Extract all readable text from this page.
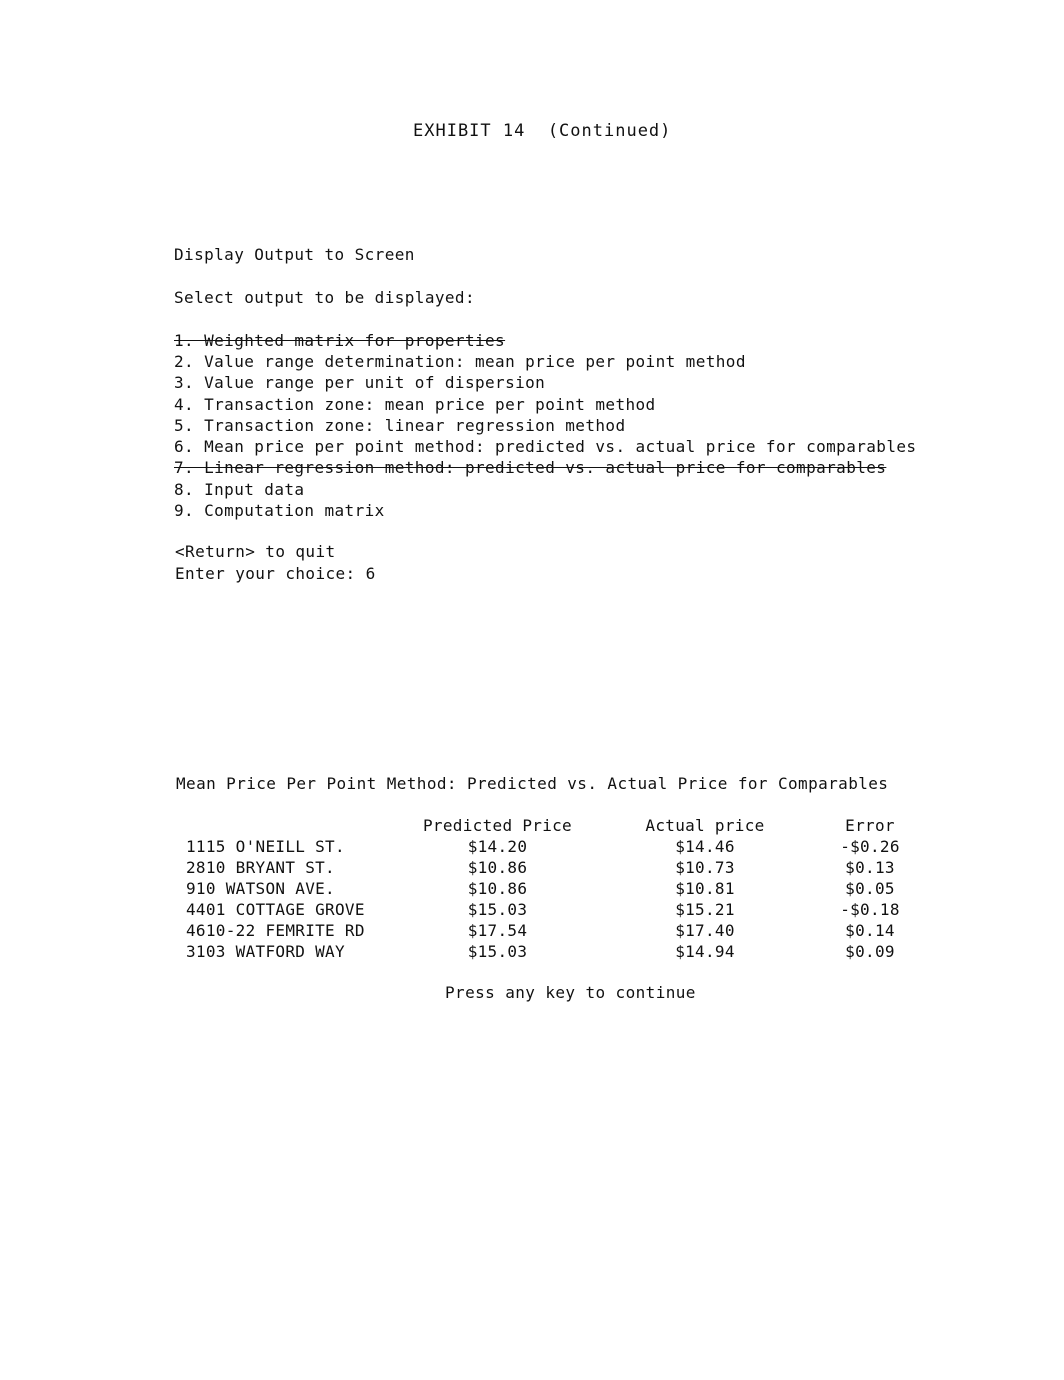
EXHIBIT 14  (Continued)
Display Output to Screen
Select output to be displayed:
1. Weighted matrix for properties
2. Value range determination: mean price per point method
3. Value range per unit of dispersion
4. Transaction zone: mean price per point method
5. Transaction zone: linear regression method
6. Mean price per point method: predicted vs. actual price for comparables
7. Linear regression method: predicted vs. actual price for comparables
8. Input data
9. Computation matrix
<Return> to quit
Enter your choice: 6
Mean Price Per Point Method: Predicted vs. Actual Price for Comparables
	Predicted Price	Actual price	Error
1115 O'NEILL ST.	$14.20	$14.46	-$0.26
2810 BRYANT ST.	$10.86	$10.73	$0.13
910 WATSON AVE.	$10.86	$10.81	$0.05
4401 COTTAGE GROVE	$15.03	$15.21	-$0.18
4610-22 FEMRITE RD	$17.54	$17.40	$0.14
3103 WATFORD WAY	$15.03	$14.94	$0.09
Press any key to continue
